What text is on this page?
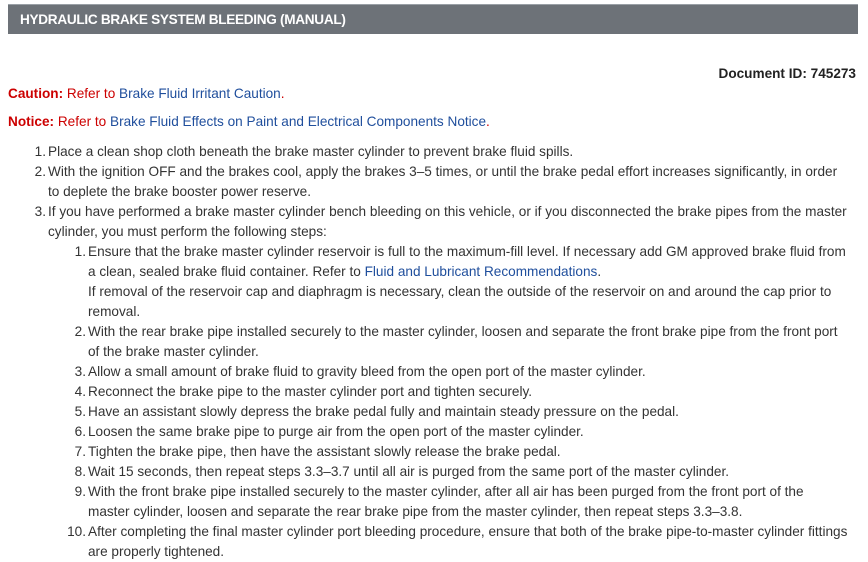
HYDRAULIC BRAKE SYSTEM BLEEDING (MANUAL)
Document ID: 745273
Caution: Refer to Brake Fluid Irritant Caution.
Notice: Refer to Brake Fluid Effects on Paint and Electrical Components Notice.
1. Place a clean shop cloth beneath the brake master cylinder to prevent brake fluid spills.
2. With the ignition OFF and the brakes cool, apply the brakes 3–5 times, or until the brake pedal effort increases significantly, in order to deplete the brake booster power reserve.
3. If you have performed a brake master cylinder bench bleeding on this vehicle, or if you disconnected the brake pipes from the master cylinder, you must perform the following steps:
1. Ensure that the brake master cylinder reservoir is full to the maximum-fill level. If necessary add GM approved brake fluid from a clean, sealed brake fluid container. Refer to Fluid and Lubricant Recommendations.
If removal of the reservoir cap and diaphragm is necessary, clean the outside of the reservoir on and around the cap prior to removal.
2. With the rear brake pipe installed securely to the master cylinder, loosen and separate the front brake pipe from the front port of the brake master cylinder.
3. Allow a small amount of brake fluid to gravity bleed from the open port of the master cylinder.
4. Reconnect the brake pipe to the master cylinder port and tighten securely.
5. Have an assistant slowly depress the brake pedal fully and maintain steady pressure on the pedal.
6. Loosen the same brake pipe to purge air from the open port of the master cylinder.
7. Tighten the brake pipe, then have the assistant slowly release the brake pedal.
8. Wait 15 seconds, then repeat steps 3.3–3.7 until all air is purged from the same port of the master cylinder.
9. With the front brake pipe installed securely to the master cylinder, after all air has been purged from the front port of the master cylinder, loosen and separate the rear brake pipe from the master cylinder, then repeat steps 3.3–3.8.
10. After completing the final master cylinder port bleeding procedure, ensure that both of the brake pipe-to-master cylinder fittings are properly tightened.
